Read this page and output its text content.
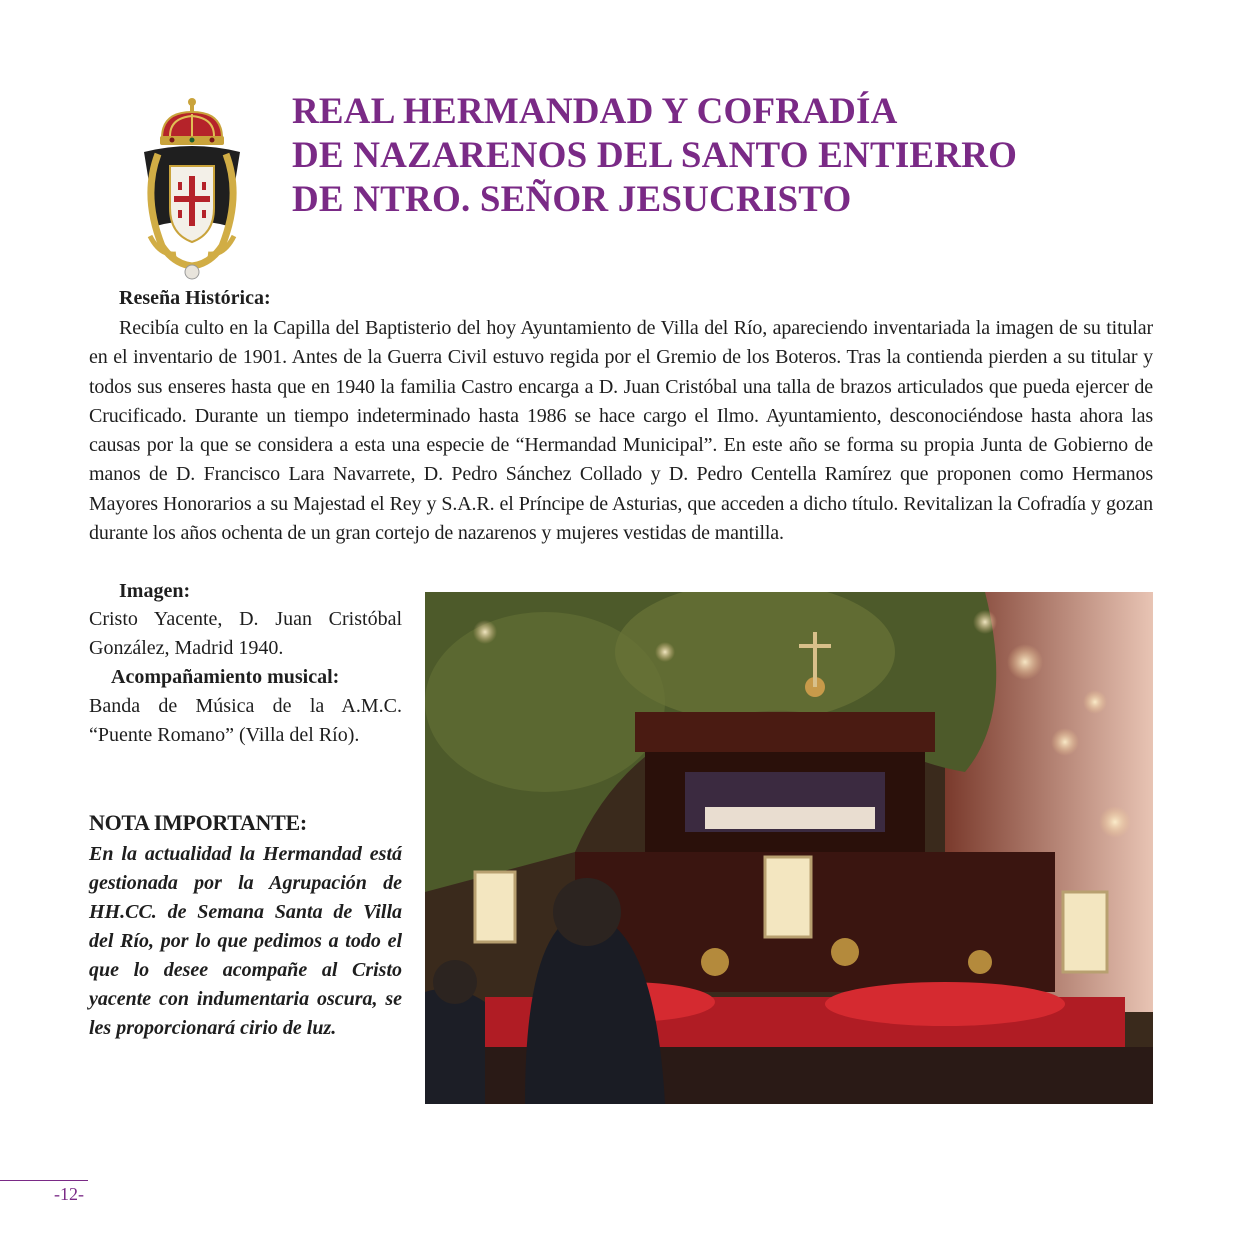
REAL HERMANDAD Y COFRADÍA
DE NAZARENOS DEL SANTO ENTIERRO
DE NTRO. SEÑOR JESUCRISTO

Reseña Histórica:

Recibía culto en la Capilla del Baptisterio del hoy Ayuntamiento de Villa del Río, apareciendo inventariada la imagen de su titular en el inventario de 1901. Antes de la Guerra Civil estuvo regida por el Gremio de los Boteros. Tras la contienda pierden a su titular y todos sus enseres hasta que en 1940 la familia Castro encarga a D. Juan Cristóbal una talla de brazos articulados que pueda ejercer de Crucificado. Durante un tiempo indeterminado hasta 1986 se hace cargo el Ilmo. Ayuntamiento, desconociéndose hasta ahora las causas por la que se considera a esta una especie de “Hermandad Municipal”. En este año se forma su propia Junta de Gobierno de manos de D. Francisco Lara Navarrete, D. Pedro Sánchez Collado y D. Pedro Centella Ramírez que proponen como Hermanos Mayores Honorarios a su Majestad el Rey y S.A.R. el Príncipe de Asturias, que acceden a dicho título. Revitalizan la Cofradía y gozan durante los años ochenta de un gran cortejo de nazarenos y mujeres vestidas de mantilla.

Imagen:

Cristo Yacente, D. Juan Cristóbal González, Madrid 1940.

Acompañamiento musical:

Banda de Música de la A.M.C. “Puente Romano” (Villa del Río).

NOTA IMPORTANTE:

En la actualidad la Hermandad está gestionada por la Agrupación de HH.CC. de Semana Santa de Villa del Río, por lo que pedimos a todo el que lo desee acompañe al Cristo yacente con indumentaria oscura, se les proporcionará cirio de luz.

-12-
